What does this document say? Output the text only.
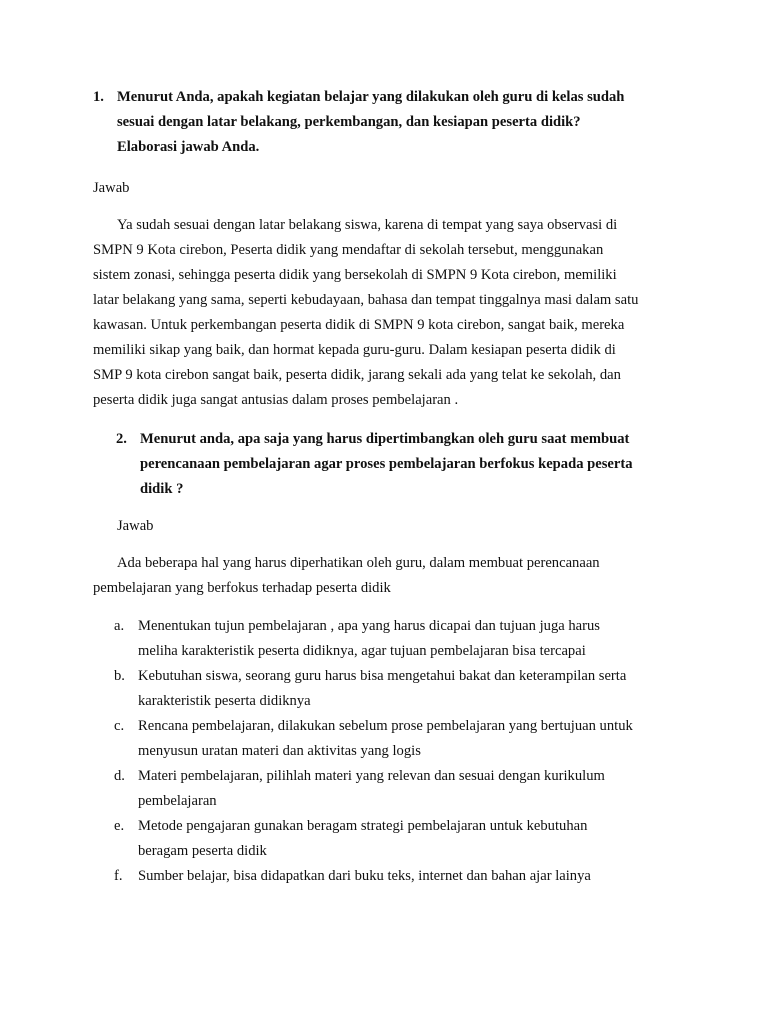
1. Menurut Anda, apakah kegiatan belajar yang dilakukan oleh guru di kelas sudah
sesuai dengan latar belakang, perkembangan, dan kesiapan peserta didik?
Elaborasi jawab Anda.
Jawab
Ya sudah sesuai dengan latar belakang siswa, karena di tempat yang saya observasi di
SMPN 9 Kota cirebon, Peserta didik yang mendaftar di sekolah tersebut, menggunakan
sistem zonasi, sehingga peserta didik yang bersekolah di SMPN 9 Kota cirebon, memiliki
latar belakang yang sama, seperti kebudayaan, bahasa dan tempat tinggalnya masi dalam satu
kawasan. Untuk perkembangan peserta didik di SMPN 9 kota cirebon, sangat baik, mereka
memiliki sikap yang baik, dan hormat kepada guru-guru. Dalam kesiapan peserta didik di
SMP 9 kota cirebon sangat baik, peserta didik, jarang sekali ada yang telat ke sekolah, dan
peserta didik juga sangat antusias dalam proses pembelajaran .
2. Menurut anda, apa saja yang harus dipertimbangkan oleh guru saat membuat
perencanaan pembelajaran agar proses pembelajaran berfokus kepada peserta
didik ?
Jawab
Ada beberapa hal yang harus diperhatikan oleh guru, dalam membuat perencanaan
pembelajaran yang berfokus terhadap peserta didik
a. Menentukan tujun pembelajaran , apa yang harus dicapai dan tujuan juga harus
meliha karakteristik peserta didiknya, agar tujuan pembelajaran bisa tercapai
b. Kebutuhan siswa, seorang guru harus bisa mengetahui bakat dan keterampilan serta
karakteristik peserta didiknya
c. Rencana pembelajaran, dilakukan sebelum prose pembelajaran yang bertujuan untuk
menyusun uratan materi dan aktivitas yang logis
d. Materi pembelajaran, pilihlah materi yang relevan dan sesuai dengan kurikulum
pembelajaran
e. Metode pengajaran gunakan beragam strategi pembelajaran untuk kebutuhan
beragam peserta didik
f. Sumber belajar, bisa didapatkan dari buku teks, internet dan bahan ajar lainya
